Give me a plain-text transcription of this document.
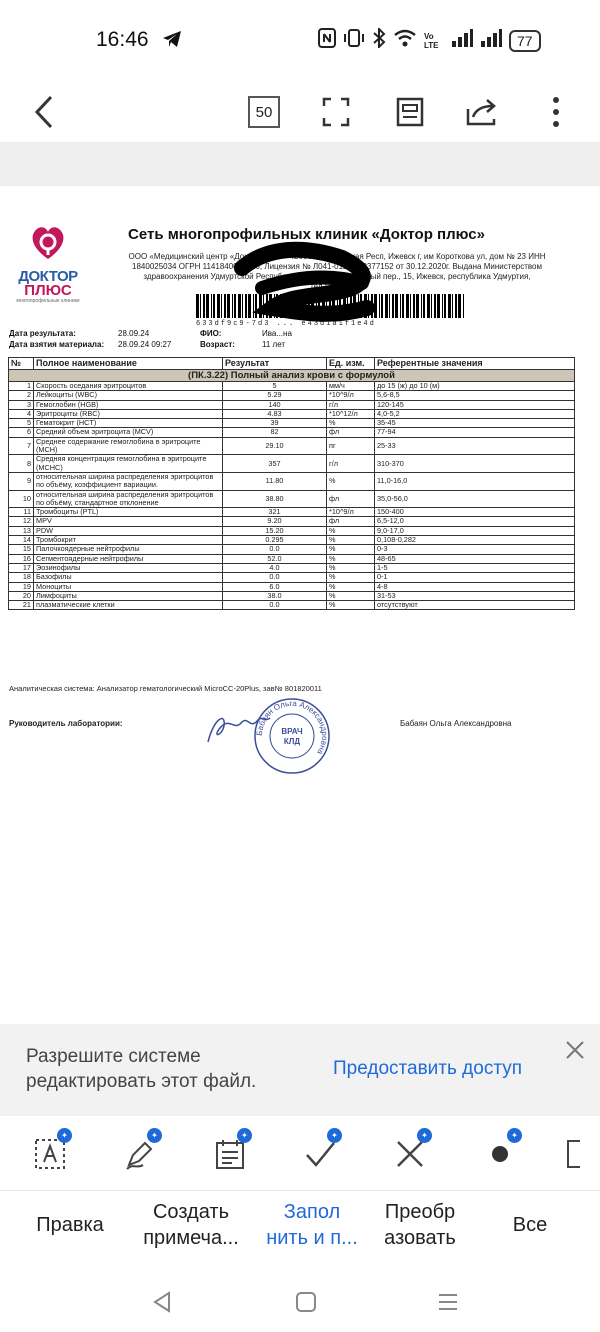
16:46	Vo LTE	77
50
ДОКТОР
ПЛЮС
многопрофильные клиники
Сеть многопрофильных клиник «Доктор плюс»
ООО «Медицинский центр «Доктор Плюс» 426065, Удмуртская Респ, Ижевск г, им Короткова ул, дом № 23 ИНН
1840025034 ОГРН 1141840001926; Лицензия № Л041-01178/00377152 от 30.12.2020г. Выдана Министерством
здравоохранения Удмуртской Республики, Интернациональный пер., 15, Ижевск, республика Удмуртия,
тел.: 60-23-00)
633df9c9-7d3 ... e43d1a1f1e4d
Дата результата:	28.09.24
Дата взятия материала: 28.09.24 09:27
ФИО:	Ива...на
Возраст:	11 лет
№	Полное наименование	Результат	Ед. изм.	Референтные значения
(ПК.3.22) Полный анализ крови с формулой				
1	Скорость оседания эритроцитов	5	мм/ч	до 15 (ж) до 10 (м)
2	Лейкоциты (WBC)	5.29	*10^9/л	5,6-8,5
3	Гемоглобин (HGB)	140	г/л	120-145
4	Эритроциты (RBC)	4.83	*10^12/л	4,0-5,2
5	Гематокрит (HCT)	39	%	35-45
6	Средний объем эритроцита (MCV)	82	фл	77-94
7	Среднее содержание гемоглобина в эритроците (MCH)	29.10	пг	25-33
8	Средняя концентрация гемоглобина в эритроците (MCHC)	357	г/л	310-370
9	относительная ширина распределения эритроцитов по объёму, коэффициент вариации.	11.80	%	11,0-16,0
10	относительная ширина распределения эритроцитов по объёму, стандартное отклонение	38.80	фл	35,0-56,0
11	Тромбоциты (PTL)	321	*10^9/л	150-400
12	MPV	9.20	фл	6,5-12,0
13	PDW	15.20	%	9,0-17,0
14	Тромбокрит	0.295	%	0,108-0,282
15	Палочкоядерные нейтрофилы	0.0	%	0-3
16	Сегментоядерные нейтрофилы	52.0	%	48-65
17	Эозинофилы	4.0	%	1-5
18	Базофилы	0.0	%	0-1
19	Моноциты	6.0	%	4-8
20	Лимфоциты	38.0	%	31-53
21	плазматические клетки	0.0	%	отсутствуют
Аналитическая система: Анализатор гематологический MicroCC-20Plus, зав№ 801820011
Руководитель лаборатории:	Бабаян Ольга Александровна
Бабаян Ольга Александровна
ВРАЧ
КЛД
Разрешите системе редактировать этот файл.
Предоставить доступ
✦	✦	✦	✦	✦	✦
Правка
Создать
примеча...
Запол
нить и п...
Преобр
азовать
Все
